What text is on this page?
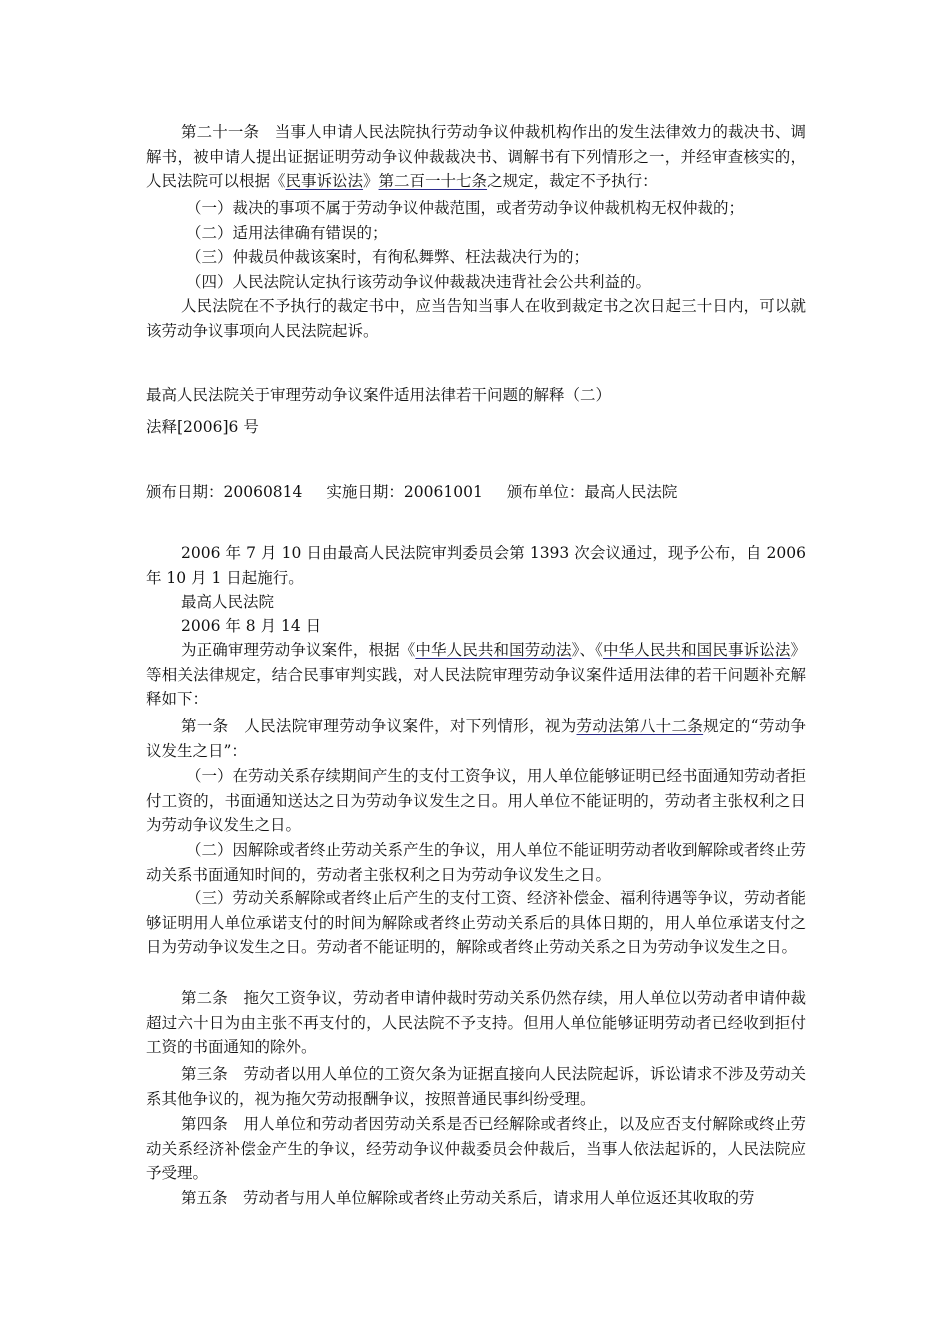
第二十一条　当事人申请人民法院执行劳动争议仲裁机构作出的发生法律效力的裁决书、调解书，被申请人提出证据证明劳动争议仲裁裁决书、调解书有下列情形之一，并经审查核实的，人民法院可以根据《民事诉讼法》第二百一十七条之规定，裁定不予执行：

（一）裁决的事项不属于劳动争议仲裁范围，或者劳动争议仲裁机构无权仲裁的；

（二）适用法律确有错误的；

（三）仲裁员仲裁该案时，有徇私舞弊、枉法裁决行为的；

（四）人民法院认定执行该劳动争议仲裁裁决违背社会公共利益的。

人民法院在不予执行的裁定书中，应当告知当事人在收到裁定书之次日起三十日内，可以就该劳动争议事项向人民法院起诉。

最高人民法院关于审理劳动争议案件适用法律若干问题的解释（二）

法释[2006]6 号

颁布日期：20060814 实施日期：20061001 颁布单位：最高人民法院

2006 年 7 月 10 日由最高人民法院审判委员会第 1393 次会议通过，现予公布，自 2006 年 10 月 1 日起施行。

最高人民法院

2006 年 8 月 14 日

为正确审理劳动争议案件，根据《中华人民共和国劳动法》、《中华人民共和国民事诉讼法》等相关法律规定，结合民事审判实践，对人民法院审理劳动争议案件适用法律的若干问题补充解释如下：

第一条　人民法院审理劳动争议案件，对下列情形，视为劳动法第八十二条规定的“劳动争议发生之日”：

（一）在劳动关系存续期间产生的支付工资争议，用人单位能够证明已经书面通知劳动者拒付工资的，书面通知送达之日为劳动争议发生之日。用人单位不能证明的，劳动者主张权利之日为劳动争议发生之日。

（二）因解除或者终止劳动关系产生的争议，用人单位不能证明劳动者收到解除或者终止劳动关系书面通知时间的，劳动者主张权利之日为劳动争议发生之日。

（三）劳动关系解除或者终止后产生的支付工资、经济补偿金、福利待遇等争议，劳动者能够证明用人单位承诺支付的时间为解除或者终止劳动关系后的具体日期的，用人单位承诺支付之日为劳动争议发生之日。劳动者不能证明的，解除或者终止劳动关系之日为劳动争议发生之日。

第二条　拖欠工资争议，劳动者申请仲裁时劳动关系仍然存续，用人单位以劳动者申请仲裁超过六十日为由主张不再支付的，人民法院不予支持。但用人单位能够证明劳动者已经收到拒付工资的书面通知的除外。

第三条　劳动者以用人单位的工资欠条为证据直接向人民法院起诉，诉讼请求不涉及劳动关系其他争议的，视为拖欠劳动报酬争议，按照普通民事纠纷受理。

第四条　用人单位和劳动者因劳动关系是否已经解除或者终止，以及应否支付解除或终止劳动关系经济补偿金产生的争议，经劳动争议仲裁委员会仲裁后，当事人依法起诉的，人民法院应予受理。

第五条　劳动者与用人单位解除或者终止劳动关系后，请求用人单位返还其收取的劳
